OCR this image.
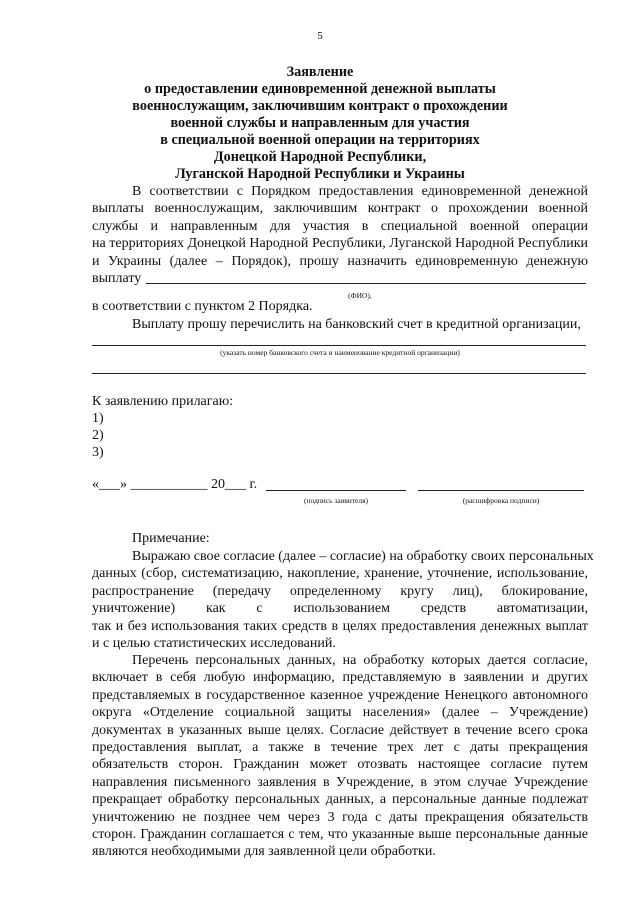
5
Заявление
о предоставлении единовременной денежной выплаты
военнослужащим, заключившим контракт о прохождении
военной службы и направленным для участия
в специальной военной операции на территориях
Донецкой Народной Республики,
Луганской Народной Республики и Украины
В соответствии с Порядком предоставления единовременной денежной
выплаты военнослужащим, заключившим контракт о прохождении военной
службы и направленным для участия в специальной военной операции
на территориях Донецкой Народной Республики, Луганской Народной Республики
и Украины (далее – Порядок), прошу назначить единовременную денежную
выплату
(ФИО),
в соответствии с пунктом 2 Порядка.
Выплату прошу перечислить на банковский счет в кредитной организации,
(указать номер банковского счета и наименование кредитной организации)
К заявлению прилагаю:
1)
2)
3)
«___» ___________ 20___ г.
(подпись заявителя)	(расшифровка подписи)
Примечание:
Выражаю свое согласие (далее – согласие) на обработку своих персональных
данных (сбор, систематизацию, накопление, хранение, уточнение, использование,
распространение (передачу определенному кругу лиц), блокирование,
уничтожение) как с использованием средств автоматизации,
так и без использования таких средств в целях предоставления денежных выплат
и с целью статистических исследований.
Перечень персональных данных, на обработку которых дается согласие,
включает в себя любую информацию, представляемую в заявлении и других
представляемых в государственное казенное учреждение Ненецкого автономного
округа «Отделение социальной защиты населения» (далее – Учреждение)
документах в указанных выше целях. Согласие действует в течение всего срока
предоставления выплат, а также в течение трех лет с даты прекращения
обязательств сторон. Гражданин может отозвать настоящее согласие путем
направления письменного заявления в Учреждение, в этом случае Учреждение
прекращает обработку персональных данных, а персональные данные подлежат
уничтожению не позднее чем через 3 года с даты прекращения обязательств
сторон. Гражданин соглашается с тем, что указанные выше персональные данные
являются необходимыми для заявленной цели обработки.
